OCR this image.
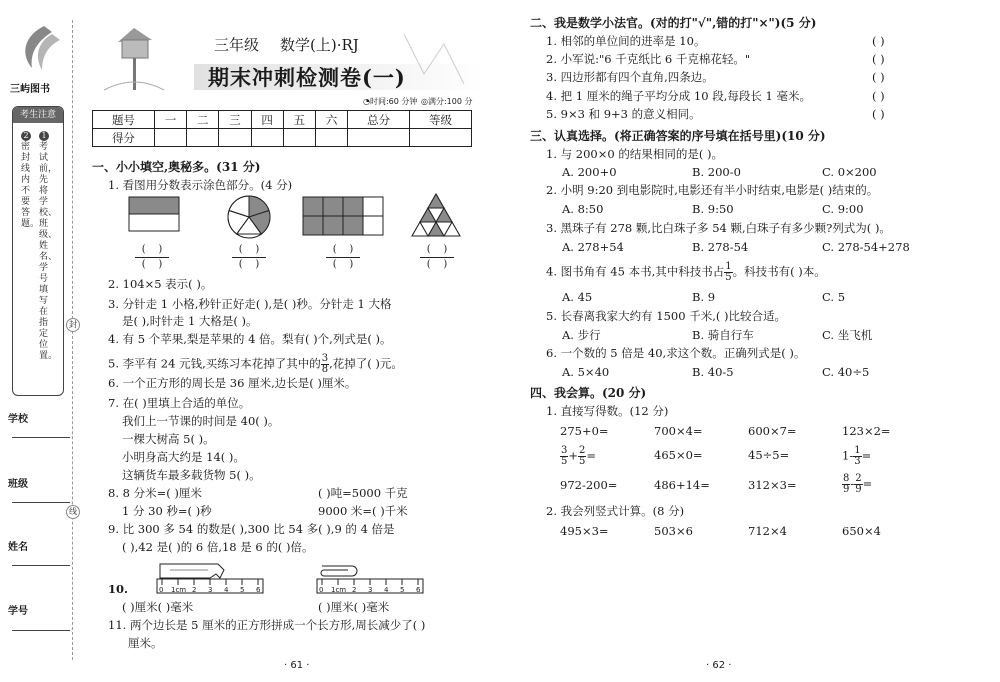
三屿图书
考生注意
1 考试前，先将学校、班级、姓名、学号填写在指定位置。
2 密封线内不要答题。
封
线
学校
班级
姓名
学号
三年级 数学(上)·RJ
期末冲刺检测卷(一)
◔时间:60 分钟 ◎满分:100 分
题号	一	二	三	四	五	六	总分	等级
得分								
一、小小填空,奥秘多。(31 分)
1. 看图用分数表示涂色部分。(4 分)
(    )
(    )
(    )
(    )
(    )
(    )
(    )
(    )
2. 104×5 表示( )。
3. 分针走 1 小格,秒针正好走( ),是( )秒。分针走 1 大格
是( ),时针走 1 大格是( )。
4. 有 5 个苹果,梨是苹果的 4 倍。梨有( )个,列式是( )。
5. 李平有 24 元钱,买练习本花掉了其中的 $\frac{3}{8}$ ,花掉了( )元。
6. 一个正方形的周长是 36 厘米,边长是( )厘米。
7. 在( )里填上合适的单位。
我们上一节课的时间是 40( )。
一棵大树高 5( )。
小明身高大约是 14( )。
这辆货车最多载货物 5( )。
8. 8 分米=( )厘米	( )吨=5000 千克
1 分 30 秒=( )秒	9000 米=( )千米
9. 比 300 多 54 的数是( ),300 比 54 多( ),9 的 4 倍是
( ),42 是( )的 6 倍,18 是 6 的( )倍。
10.	0 1cm 2 3 4 5 6	0 1cm 2 3 4 5 6
( )厘米( )毫米	( )厘米( )毫米
11. 两个边长是 5 厘米的正方形拼成一个长方形,周长减少了( )
厘米。
· 61 ·
二、我是数学小法官。(对的打"√",错的打"×")(5 分)
1. 相邻的单位间的进率是 10。	( )
2. 小军说:"6 千克纸比 6 千克棉花轻。"	( )
3. 四边形都有四个直角,四条边。	( )
4. 把 1 厘米的绳子平均分成 10 段,每段长 1 毫米。	( )
5. 9×3 和 9+3 的意义相同。	( )
三、认真选择。(将正确答案的序号填在括号里)(10 分)
1. 与 200×0 的结果相同的是( )。
A. 200+0	B. 200-0	C. 0×200
2. 小明 9:20 到电影院时,电影还有半小时结束,电影是( )结束的。
A. 8:50	B. 9:50	C. 9:00
3. 黑珠子有 278 颗,比白珠子多 54 颗,白珠子有多少颗?列式为( )。
A. 278+54	B. 278-54	C. 278-54+278
4. 图书角有 45 本书,其中科技书占 $\frac{1}{5}$ 。科技书有( )本。
A. 45	B. 9	C. 5
5. 长春离我家大约有 1500 千米,( )比较合适。
A. 步行	B. 骑自行车	C. 坐飞机
6. 一个数的 5 倍是 40,求这个数。正确列式是( )。
A. 5×40	B. 40-5	C. 40÷5
四、我会算。(20 分)
1. 直接写得数。(12 分)
275+0=	700×4=	600×7=	123×2=
$\frac{3}{5} + \frac{2}{5}$ =	465×0=	45÷5=	$1- \frac{1}{3}$ =
972-200=	486+14=	312×3=	$\frac{8}{9} - \frac{2}{9}$ =
2. 我会列竖式计算。(8 分)
495×3=	503×6	712×4	650×4
· 62 ·
